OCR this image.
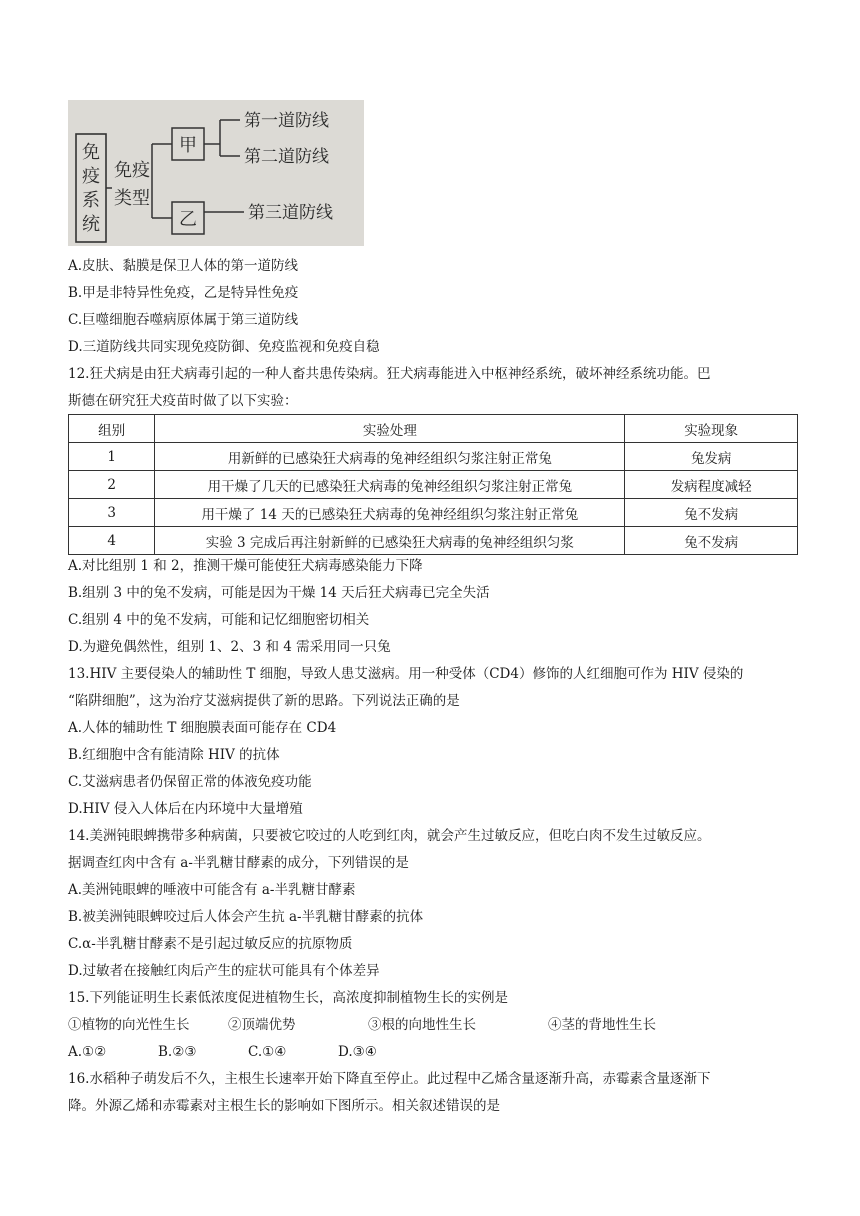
免
疫
系
统
免疫
类型
甲
乙
第一道防线
第二道防线
第三道防线
A.皮肤、黏膜是保卫人体的第一道防线
B.甲是非特异性免疫，乙是特异性免疫
C.巨噬细胞吞噬病原体属于第三道防线
D.三道防线共同实现免疫防御、免疫监视和免疫自稳
12.狂犬病是由狂犬病毒引起的一种人畜共患传染病。狂犬病毒能进入中枢神经系统，破坏神经系统功能。巴
斯德在研究狂犬疫苗时做了以下实验：
组别	实验处理	实验现象
1	用新鲜的已感染狂犬病毒的兔神经组织匀浆注射正常兔	兔发病
2	用干燥了几天的已感染狂犬病毒的兔神经组织匀浆注射正常兔	发病程度减轻
3	用干燥了 14 天的已感染狂犬病毒的兔神经组织匀浆注射正常兔	兔不发病
4	实验 3 完成后再注射新鲜的已感染狂犬病毒的兔神经组织匀浆	兔不发病
A.对比组别 1 和 2，推测干燥可能使狂犬病毒感染能力下降
B.组别 3 中的兔不发病，可能是因为干燥 14 天后狂犬病毒已完全失活
C.组别 4 中的兔不发病，可能和记忆细胞密切相关
D.为避免偶然性，组别 1、2、3 和 4 需采用同一只兔
13.HIV 主要侵染人的辅助性 T 细胞，导致人患艾滋病。用一种受体（CD4）修饰的人红细胞可作为 HIV 侵染的
“陷阱细胞”，这为治疗艾滋病提供了新的思路。下列说法正确的是
A.人体的辅助性 T 细胞膜表面可能存在 CD4
B.红细胞中含有能清除 HIV 的抗体
C.艾滋病患者仍保留正常的体液免疫功能
D.HIV 侵入人体后在内环境中大量增殖
14.美洲钝眼蜱携带多种病菌，只要被它咬过的人吃到红肉，就会产生过敏反应，但吃白肉不发生过敏反应。
据调查红肉中含有 a-半乳糖甘酵素的成分，下列错误的是
A.美洲钝眼蜱的唾液中可能含有 a-半乳糖甘酵素
B.被美洲钝眼蜱咬过后人体会产生抗 a-半乳糖甘酵素的抗体
C.α-半乳糖甘酵素不是引起过敏反应的抗原物质
D.过敏者在接触红肉后产生的症状可能具有个体差异
15.下列能证明生长素低浓度促进植物生长，高浓度抑制植物生长的实例是
①植物的向光性生长	②顶端优势	③根的向地性生长	④茎的背地性生长
A.①②	B.②③	C.①④	D.③④
16.水稻种子萌发后不久，主根生长速率开始下降直至停止。此过程中乙烯含量逐渐升高，赤霉素含量逐渐下
降。外源乙烯和赤霉素对主根生长的影响如下图所示。相关叙述错误的是
